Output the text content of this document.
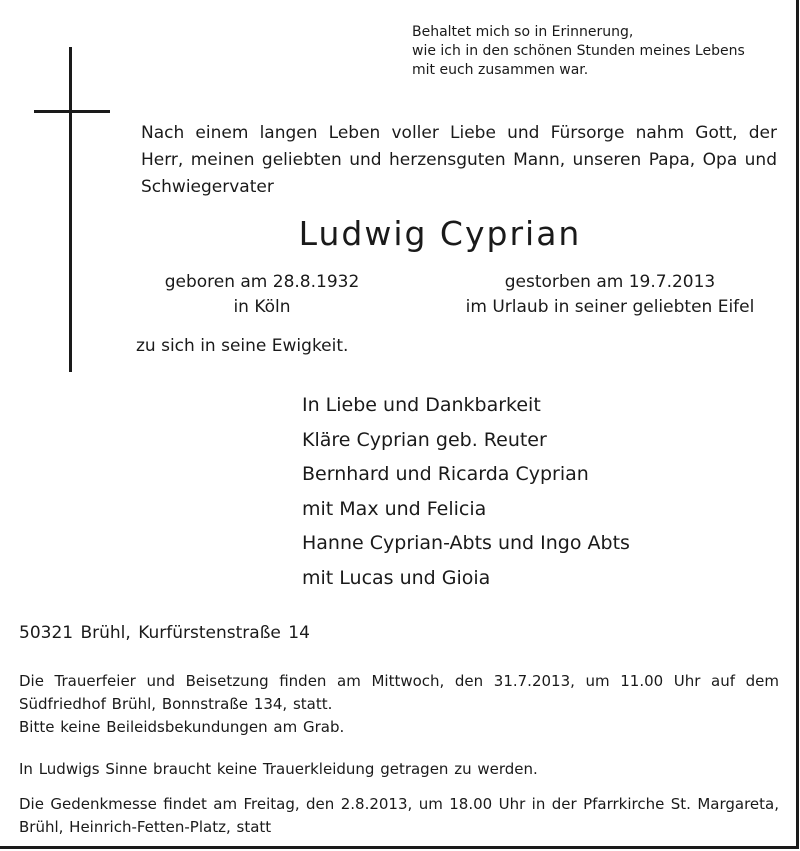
Behaltet mich so in Erinnerung,
wie ich in den schönen Stunden meines Lebens
mit euch zusammen war.
Nach einem langen Leben voller Liebe und Fürsorge nahm Gott, der Herr, meinen geliebten und herzensguten Mann, unseren Papa, Opa und Schwiegervater
Ludwig Cyprian
geboren am 28.8.1932
in Köln
gestorben am 19.7.2013
im Urlaub in seiner geliebten Eifel
zu sich in seine Ewigkeit.
In Liebe und Dankbarkeit
Kläre Cyprian geb. Reuter
Bernhard und Ricarda Cyprian
mit Max und Felicia
Hanne Cyprian-Abts und Ingo Abts
mit Lucas und Gioia
50321 Brühl, Kurfürstenstraße 14
Die Trauerfeier und Beisetzung finden am Mittwoch, den 31.7.2013, um 11.00 Uhr auf dem Südfriedhof Brühl, Bonnstraße 134, statt.
Bitte keine Beileidsbekundungen am Grab.
In Ludwigs Sinne braucht keine Trauerkleidung getragen zu werden.
Die Gedenkmesse findet am Freitag, den 2.8.2013, um 18.00 Uhr in der Pfarrkirche St. Margareta, Brühl, Heinrich-Fetten-Platz, statt
